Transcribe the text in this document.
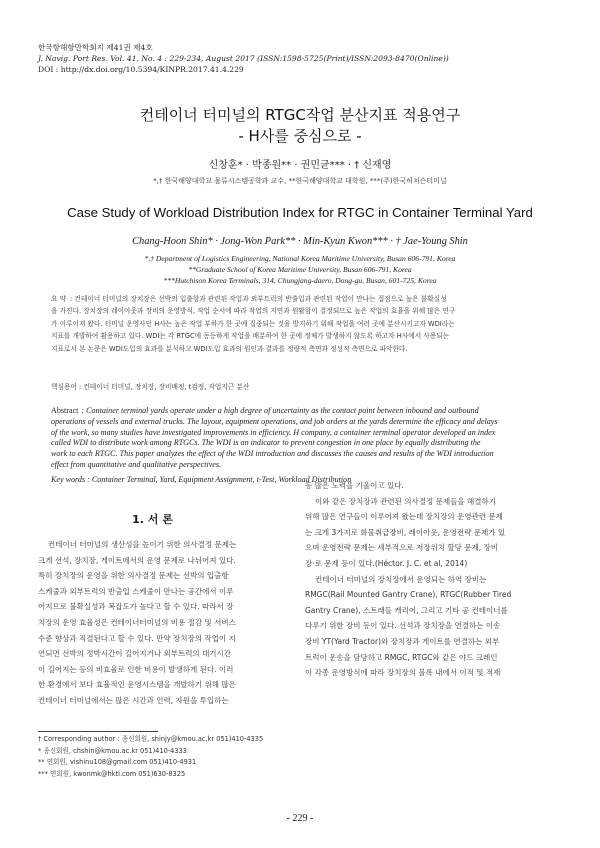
한국항해항만학회지 제41권 제4호
J. Navig. Port Res. Vol. 41, No. 4 : 229-234, August 2017 (ISSN:1598-5725(Print)/ISSN:2093-8470(Online))
DOI : http://dx.doi.org/10.5394/KINPR.2017.41.4.229
컨테이너 터미널의 RTGC작업 분산지표 적용연구
- H사를 중심으로 -
신창훈* · 박종원** · 권민균*** · † 신재영
*,† 한국해양대학교 물류시스템공학과 교수, **한국해양대학교 대학원, ***(주)한국허치슨터미널
Case Study of Workload Distribution Index for RTGC in Container Terminal Yard
Chang-Hoon Shin* · Jong-Won Park** · Min-Kyun Kwon*** · † Jae-Young Shin
*,† Department of Logistics Engineering, National Korea Maritime University, Busan 606-791, Korea
**Graduate School of Korea Maritime University, Busan 606-791, Korea
***Hutchison Korea Terminals, 314, Chungjang-daero, Dong-gu, Busan, 601-725, Korea
요 약 : 컨테이너 터미널의 장치장은 선박의 입출항과 관련된 작업과 외부트럭의 반출입과 관련된 작업이 만나는 접점으로 높은 불확실성
을 가진다. 장치장의 레이아웃과 장비의 운영방식, 작업 순서에 따라 작업의 지연과 원활함이 결정되므로 높은 작업의 효율을 위해 많은 연구
가 이루어져 왔다. 터미널 운영사인 H사는 높은 작업 부하가 한 곳에 집중되는 것을 방지하기 위해 작업을 여러 곳에 분산시키고자 WDI라는
지표를 개발하여 활용하고 있다. WDI는 각 RTGC에 동등하게 작업을 배분하여 한 곳에 정체가 발생하지 않도록 하고자 H사에서 사용되는
지표로서 본 논문은 WDI도입의 효과를 분석하고 WDI도입 효과의 원인과 결과를 정량적 측면과 정성적 측면으로 파악한다.
핵심용어 : 컨테이너 터미널, 장치장, 장비배정, t검정, 작업지근 분산
Abstract : Container terminal yards operate under a high degree of uncertainty as the contact point between inbound and outbound
operations of vessels and external trucks. The layout, equipment operations, and job orders at the yards determine the efficacy and delays
of the work, so many studies have investigated improvements in efficiency. H company, a container terminal operator developed an index
called WDI to distribute work among RTGCs. The WDI is an indicator to prevent congestion in one place by equally distributing the
work to each RTGC. This paper analyzes the effect of the WDI introduction and discusses the causes and results of the WDI introduction
effect from quantitative and qualitative perspectives.
Key words : Container Terminal, Yard, Equipment Assignment, t-Test, Workload Distribution
1. 서 론

컨테이너 터미널의 생산성을 높이기 위한 의사결정 문제는

크게 선석, 장치장, 게이트에서의 운영 문제로 나뉘어져 있다.

특히 장치장의 운영을 위한 의사결정 문제는 선박의 입출항

스케줄과 외부트럭의 반출입 스케줄이 만나는 공간에서 이루

어지므로 불확실성과 복잡도가 높다고 할 수 있다. 따라서 장

치장의 운영 효율성은 컨테이너터미널의 비용 절감 및 서비스

수준 향상과 직결된다고 할 수 있다. 만약 장치장의 작업이 지

연되면 선박의 정박시간이 길어지거나 외부트럭의 대기시간

이 길어지는 등의 비효율로 인한 비용이 발생하게 된다. 이러

한 환경에서 보다 효율적인 운영시스템을 개발하기 위해 많은

컨테이너 터미널에서는 많은 시간과 인력, 자원을 투입하는

등 많은 노력을 기울이고 있다.

이와 같은 장치장과 관련된 의사결정 문제들을 해결하기

위해 많은 연구들이 이루어져 왔는데 장치장의 운영관련 문제

는 크게 3가지로 화물취급장비, 레이아웃, 운영전략 문제가 있

으며 운영전략 문제는 세부적으로 저장위치 할당 문제, 장비

장·로 문제 등이 있다.(Héctor. J. C. et al, 2014)

컨테이너 터미널의 장치장에서 운영되는 하역 장비는

RMGC(Rail Mounted Gantry Crane), RTGC(Rubber Tired

Gantry Crane), 스트래들 캐리어, 그리고 기타 공 컨테이너를

다루기 위한 장비 등이 있다. 선석과 장치장을 연결하는 이송

장비 YT(Yard Tractor)와 장치장과 게이트를 연결하는 외부

트럭이 운송을 담당하고 RMGC, RTGC와 같은 야드 크레인

이 각종 운영방식에 따라 장치장의 블록 내에서 이적 및 적재

† Corresponding author : 종신회원, shinjy@kmou.ac.kr 051)410-4335
* 종신회원, chshin@kmou.ac.kr 051)410-4333
** 연회원, vishinu108@gmail.com 051)410-4931
*** 연회원, kwonmk@hktl.com 051)630-8325
- 229 -
